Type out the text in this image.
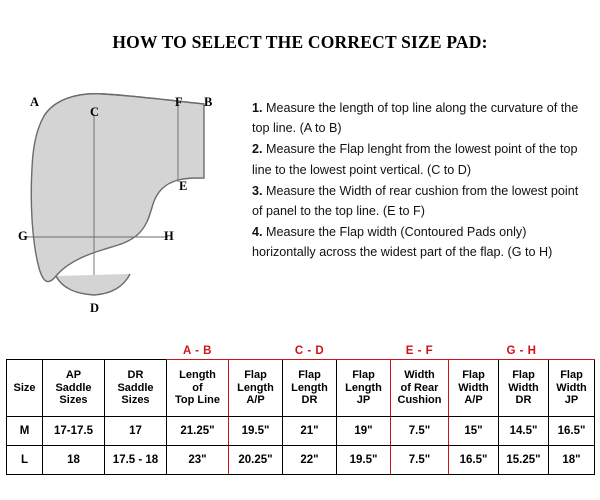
HOW TO SELECT THE CORRECT SIZE PAD:
A	B
C
D
E
F
G	H

1. Measure the length of top line along the curvature of the top line. (A to B)

2. Measure the Flap lenght from the lowest point of the top line to the lowest point vertical. (C to D)

3. Measure the Width of rear cushion from the lowest point of panel to the top line. (E to F)

4. Measure the Flap width (Contoured Pads only) horizontally across the widest part of the flap. (G to H)

			A - B	C - D			E - F	G - H		
Size	AP
Saddle
Sizes	DR
Saddle
Sizes	Length
of
Top Line	Flap
Length
A/P	Flap
Length
DR	Flap
Length
JP	Width
of Rear
Cushion	Flap
Width
A/P	Flap
Width
DR	Flap
Width
JP
M	17-17.5	17	21.25"	19.5"	21"	19"	7.5"	15"	14.5"	16.5"
L	18	17.5 - 18	23"	20.25"	22"	19.5"	7.5"	16.5"	15.25"	18"
